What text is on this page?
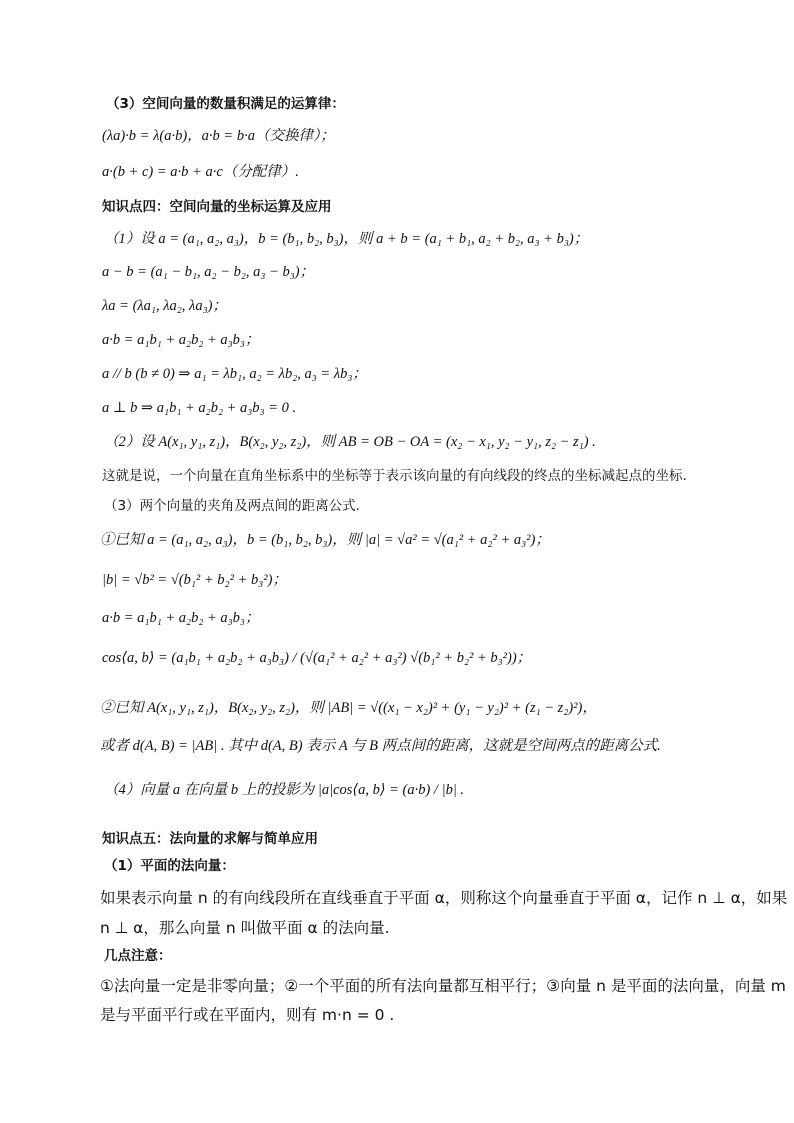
（3）空间向量的数量积满足的运算律：
(λa)·b = λ(a·b)，a·b = b·a（交换律）；
a·(b + c) = a·b + a·c（分配律）.
知识点四：空间向量的坐标运算及应用
（1）设 a = (a₁, a₂, a₃)，b = (b₁, b₂, b₃)，则 a + b = (a₁ + b₁, a₂ + b₂, a₃ + b₃)；
a − b = (a₁ − b₁, a₂ − b₂, a₃ − b₃)；
λa = (λa₁, λa₂, λa₃)；
a·b = a₁b₁ + a₂b₂ + a₃b₃；
a // b (b ≠ 0) ⇒ a₁ = λb₁, a₂ = λb₂, a₃ = λb₃；
a ⊥ b ⇒ a₁b₁ + a₂b₂ + a₃b₃ = 0 .
（2）设 A(x₁, y₁, z₁)，B(x₂, y₂, z₂)，则 AB = OB − OA = (x₂ − x₁, y₂ − y₁, z₂ − z₁) .
这就是说，一个向量在直角坐标系中的坐标等于表示该向量的有向线段的终点的坐标减起点的坐标.
（3）两个向量的夹角及两点间的距离公式.
①已知 a = (a₁, a₂, a₃)，b = (b₁, b₂, b₃)，则 |a| = √a² = √(a₁² + a₂² + a₃²)；
|b| = √b² = √(b₁² + b₂² + b₃²)；
a·b = a₁b₁ + a₂b₂ + a₃b₃；
cos⟨a, b⟩ = (a₁b₁ + a₂b₂ + a₃b₃) / (√(a₁² + a₂² + a₃²) √(b₁² + b₂² + b₃²))；
②已知 A(x₁, y₁, z₁)，B(x₂, y₂, z₂)，则 |AB| = √((x₁ − x₂)² + (y₁ − y₂)² + (z₁ − z₂)²)，
或者 d(A, B) = |AB| . 其中 d(A, B) 表示 A 与 B 两点间的距离，这就是空间两点的距离公式.
（4）向量 a 在向量 b 上的投影为 |a|cos⟨a, b⟩ = (a·b) / |b| .
知识点五：法向量的求解与简单应用
（1）平面的法向量：
如果表示向量 n 的有向线段所在直线垂直于平面 α，则称这个向量垂直于平面 α，记作 n ⊥ α，如果
n ⊥ α，那么向量 n 叫做平面 α 的法向量.
几点注意：
①法向量一定是非零向量；②一个平面的所有法向量都互相平行；③向量 n 是平面的法向量，向量 m
是与平面平行或在平面内，则有 m·n = 0 .
